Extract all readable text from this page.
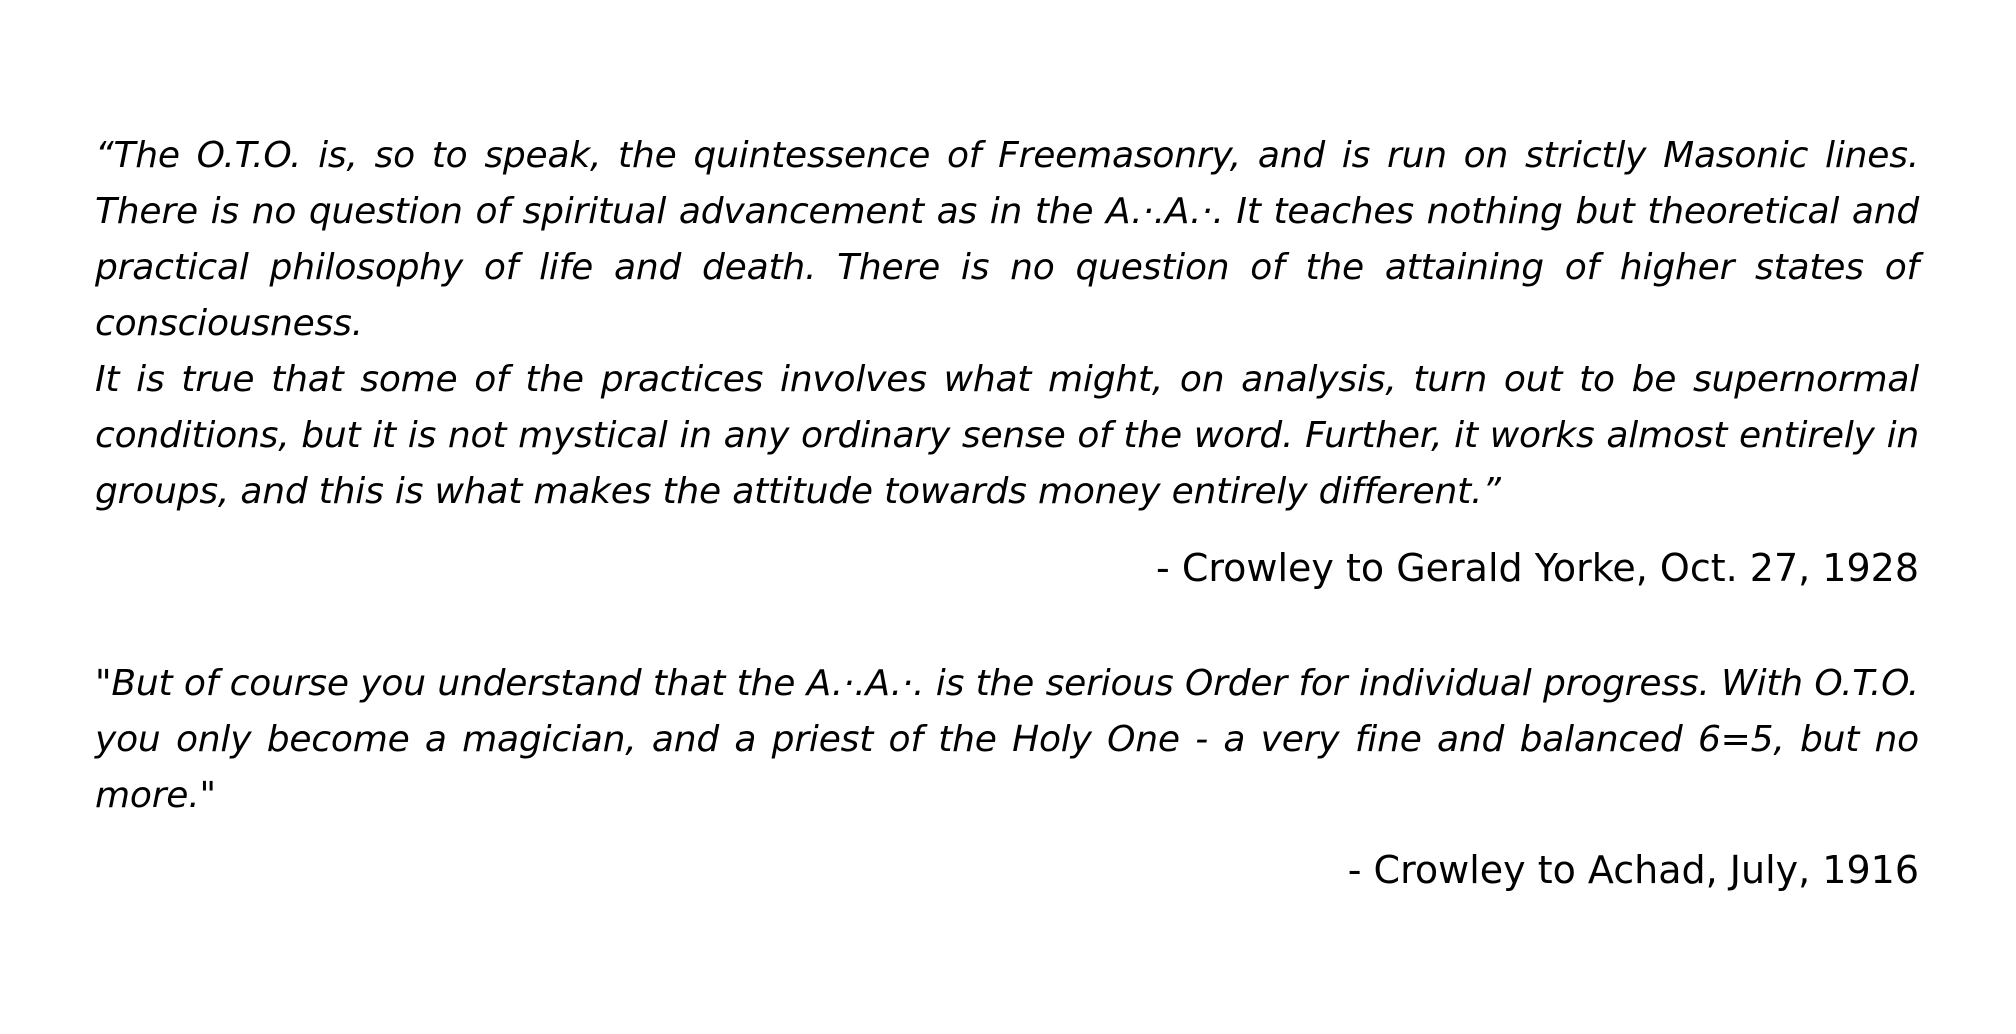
“The O.T.O. is, so to speak, the quintessence of Freemasonry, and is run on strictly Masonic lines. There is no question of spiritual advancement as in the A.·.A.·. It teaches nothing but theoretical and practical philosophy of life and death. There is no question of the attaining of higher states of consciousness.
It is true that some of the practices involves what might, on analysis, turn out to be supernormal conditions, but it is not mystical in any ordinary sense of the word. Further, it works almost entirely in groups, and this is what makes the attitude towards money entirely different.”

- Crowley to Gerald Yorke, Oct. 27, 1928

"But of course you understand that the A.·.A.·. is the serious Order for individual progress. With O.T.O. you only become a magician, and a priest of the Holy One - a very fine and balanced 6=5, but no more."

- Crowley to Achad, July, 1916
